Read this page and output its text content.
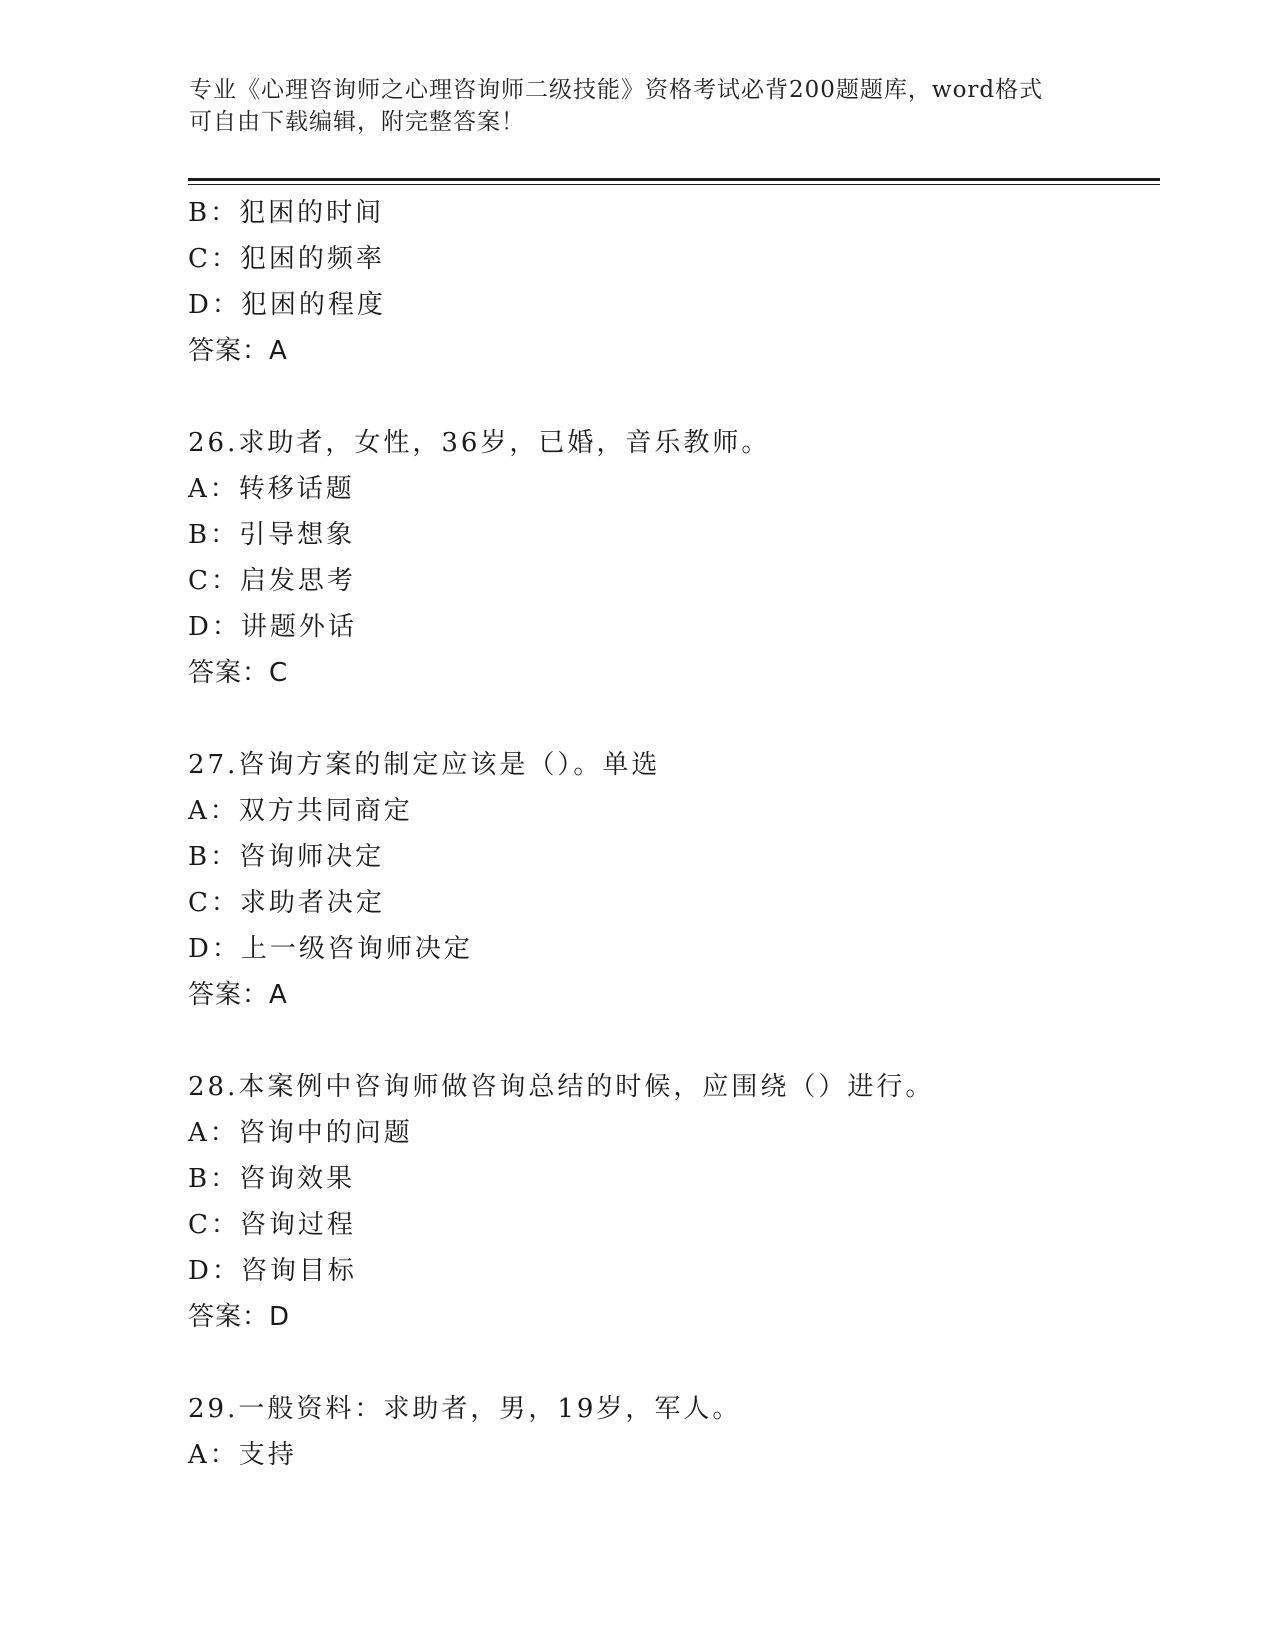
专业《心理咨询师之心理咨询师二级技能》资格考试必背200题题库，word格式
可自由下载编辑，附完整答案！
B：犯困的时间
C：犯困的频率
D：犯困的程度
答案：A
26.求助者，女性，36岁，已婚，音乐教师。
A：转移话题
B：引导想象
C：启发思考
D：讲题外话
答案：C
27.咨询方案的制定应该是（）。单选
A：双方共同商定
B：咨询师决定
C：求助者决定
D：上一级咨询师决定
答案：A
28.本案例中咨询师做咨询总结的时候，应围绕（）进行。
A：咨询中的问题
B：咨询效果
C：咨询过程
D：咨询目标
答案：D
29.一般资料：求助者，男，19岁，军人。
A：支持
